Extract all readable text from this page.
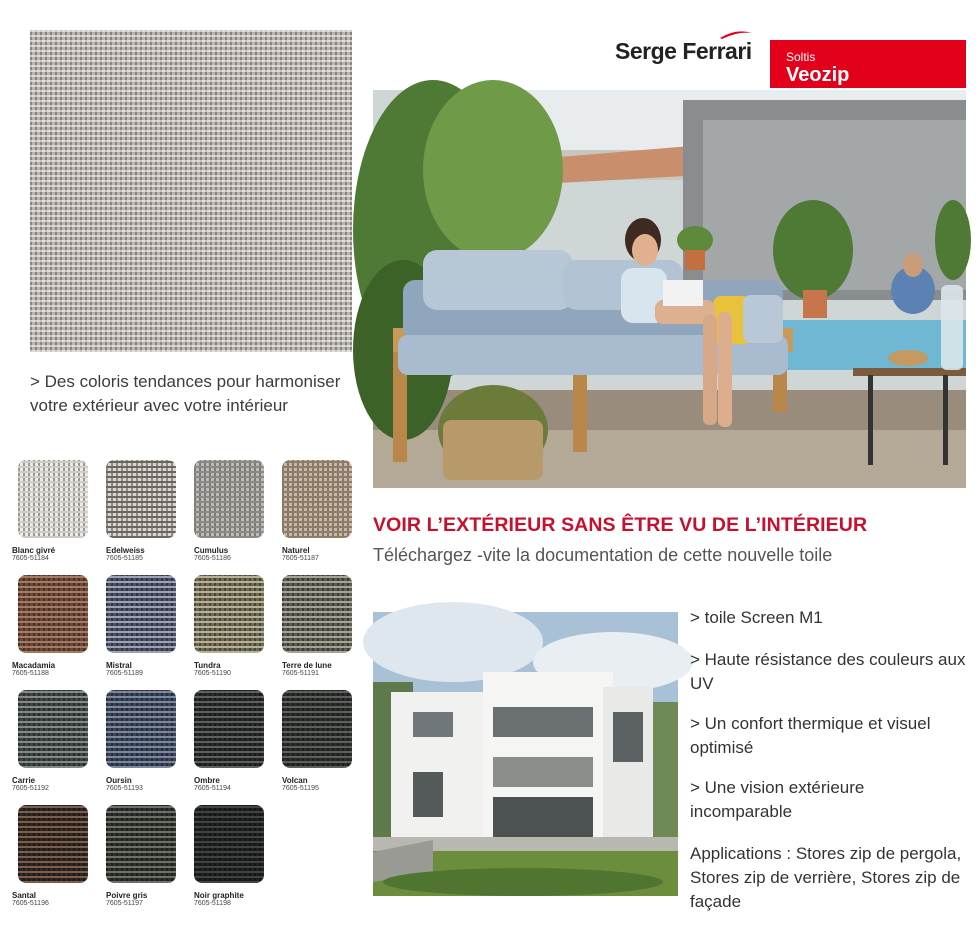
> Des coloris tendances pour harmoniser votre extérieur avec votre intérieur
Blanc givré
7605-51184
Edelweiss
7605-51185
Cumulus
7605-51186
Naturel
7605-51187
Macadamia
7605-51188
Mistral
7605-51189
Tundra
7605-51190
Terre de lune
7605-51191
Carrie
7605-51192
Oursin
7605-51193
Ombre
7605-51194
Volcan
7605-51195
Santal
7605-51196
Poivre gris
7605-51197
Noir graphite
7605-51198
Serge Ferrari	Soltis
Veozip
VOIR L’EXTÉRIEUR SANS ÊTRE VU DE L’INTÉRIEUR
Téléchargez -vite la documentation de cette nouvelle toile
> toile Screen M1
> Haute résistance des couleurs aux UV
> Un confort thermique et visuel optimisé
> Une vision extérieure incomparable
Applications : Stores zip de pergola, Stores zip de verrière, Stores zip de façade
